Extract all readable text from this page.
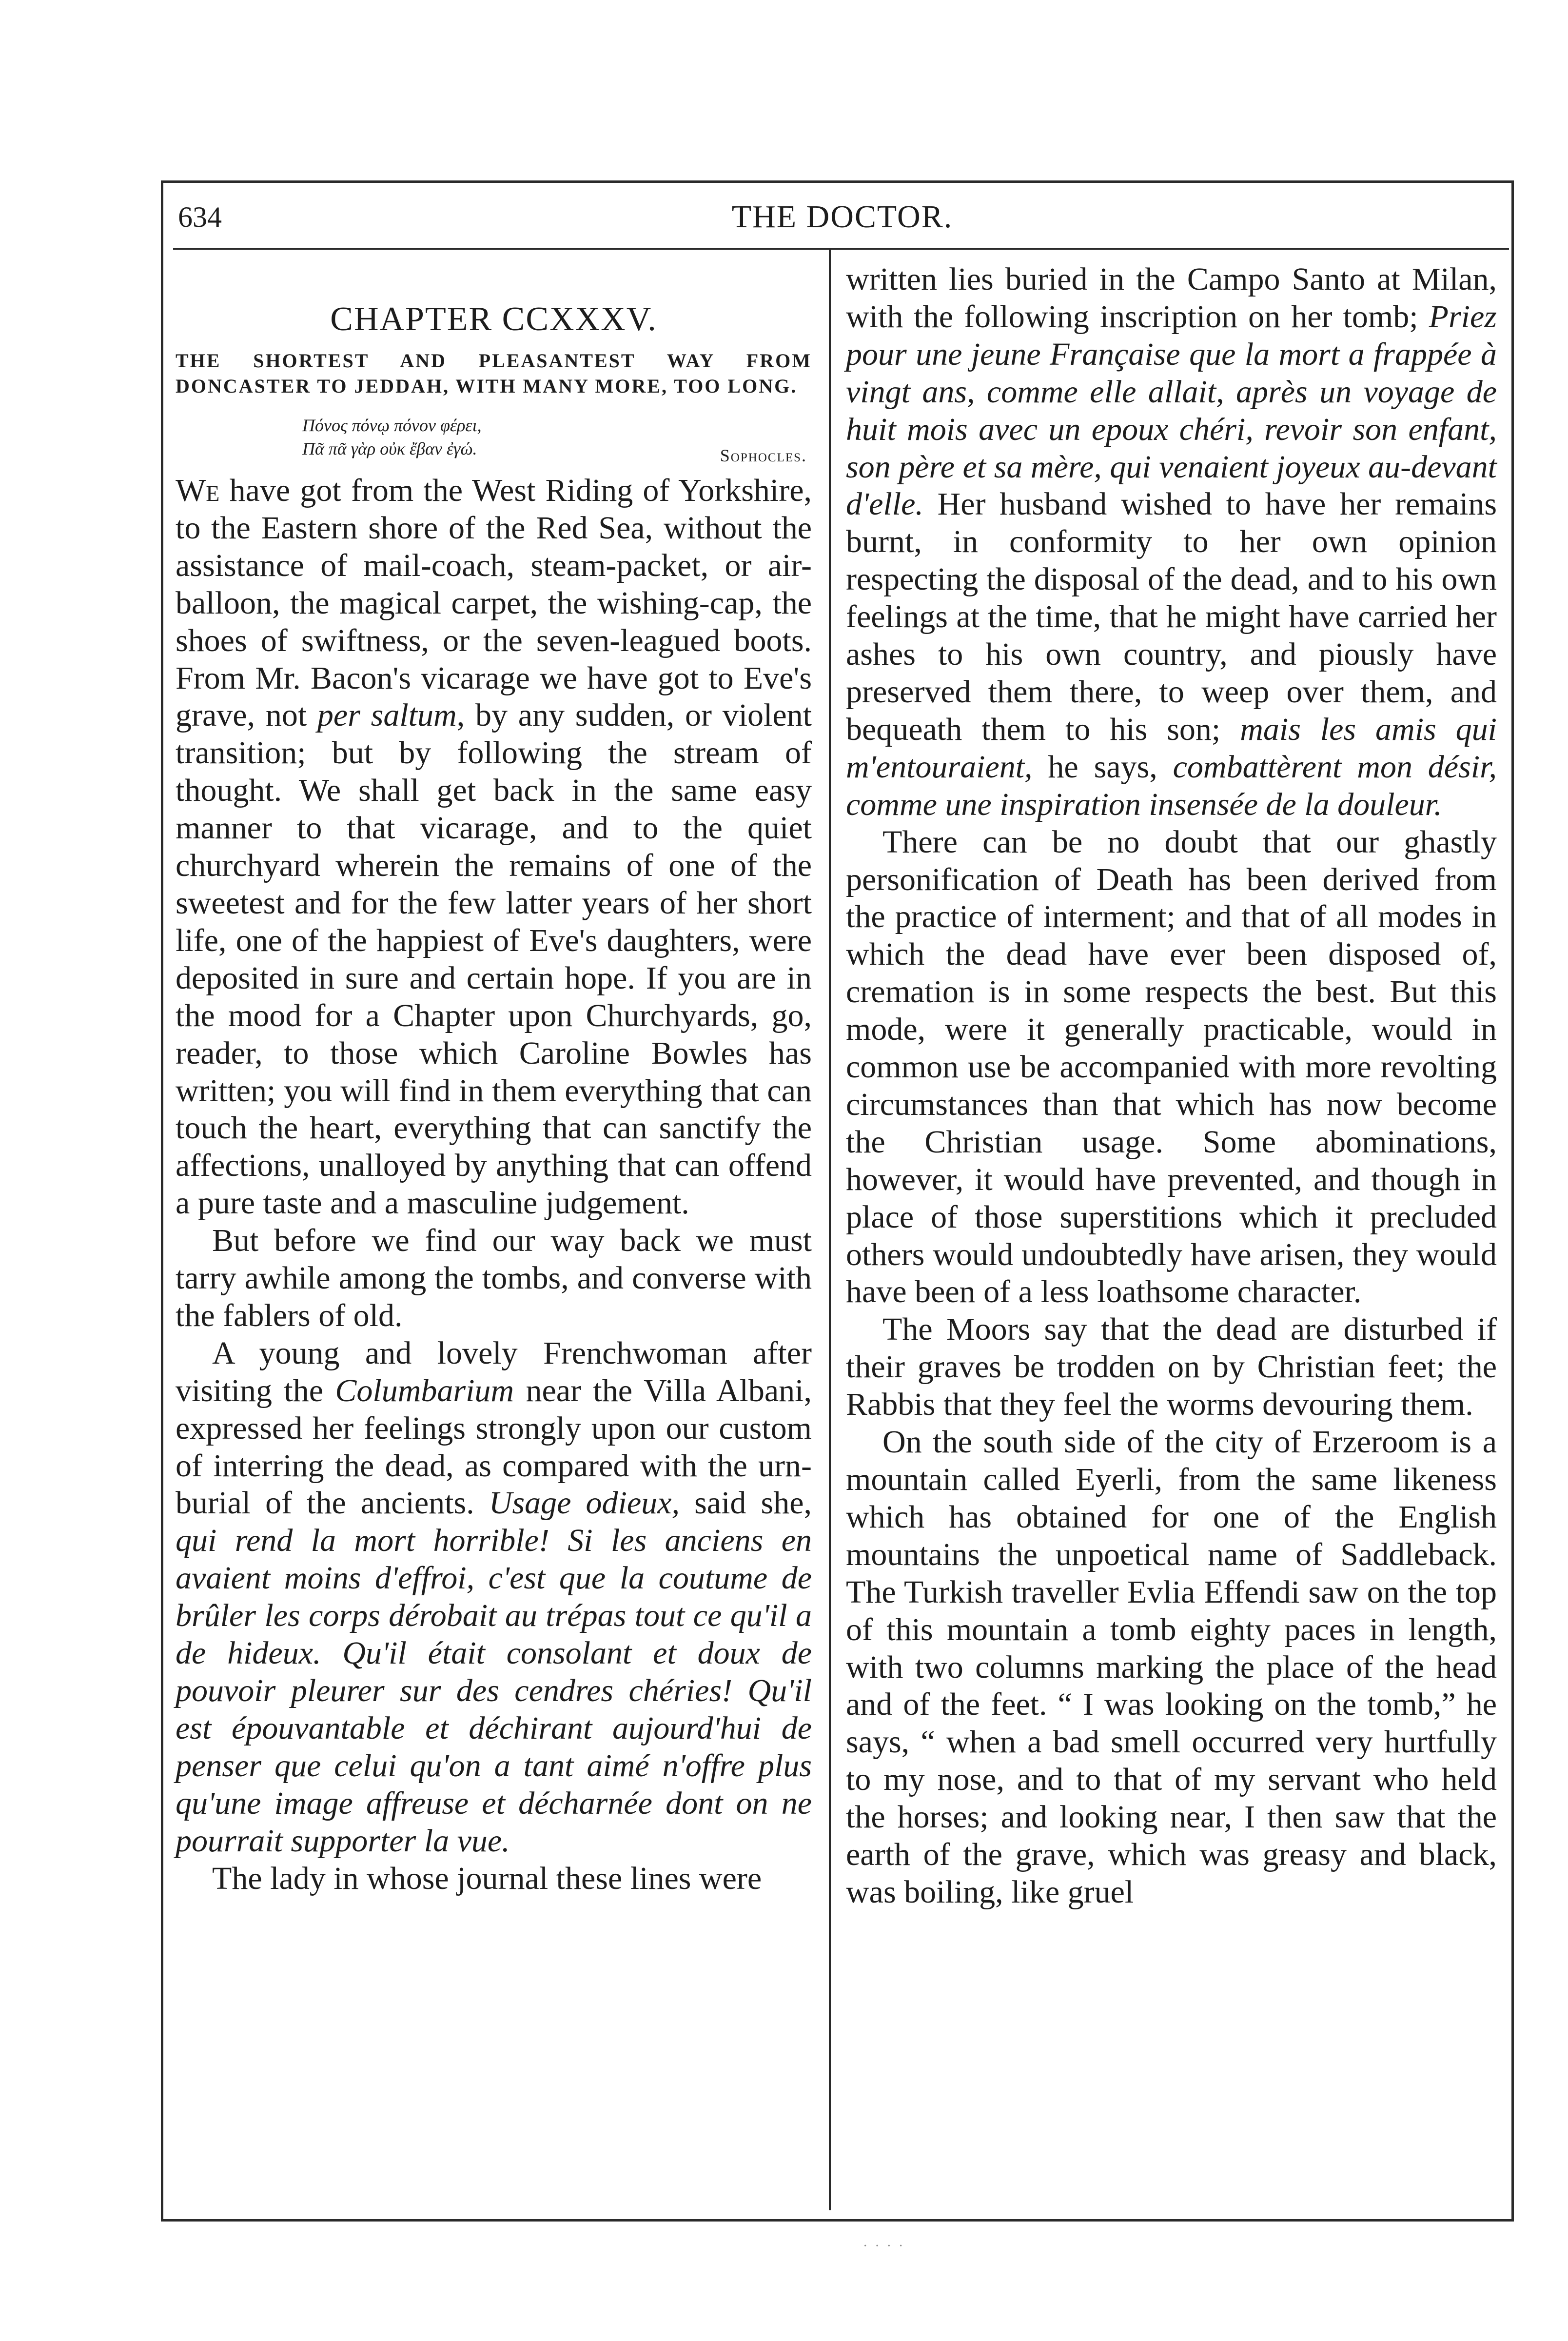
THE DOCTOR.
634
CHAPTER CCXXXV.
THE SHORTEST AND PLEASANTEST WAY FROM DONCASTER TO JEDDAH, WITH MANY MORE, TOO LONG.
Πόνος πόνῳ πόνον φέρει,
Πᾶ πᾶ γὰρ οὐκ ἔβαν ἐγώ.	Sophocles.

We have got from the West Riding of Yorkshire, to the Eastern shore of the Red Sea, without the assistance of mail-coach, steam-packet, or air-balloon, the magical carpet, the wishing-cap, the shoes of swiftness, or the seven-leagued boots. From Mr. Bacon's vicarage we have got to Eve's grave, not per saltum, by any sudden, or violent transition; but by following the stream of thought. We shall get back in the same easy manner to that vicarage, and to the quiet churchyard wherein the remains of one of the sweetest and for the few latter years of her short life, one of the happiest of Eve's daughters, were deposited in sure and certain hope. If you are in the mood for a Chapter upon Churchyards, go, reader, to those which Caroline Bowles has written; you will find in them everything that can touch the heart, everything that can sanctify the affections, unalloyed by anything that can offend a pure taste and a masculine judgement.

But before we find our way back we must tarry awhile among the tombs, and converse with the fablers of old.

A young and lovely Frenchwoman after visiting the Columbarium near the Villa Albani, expressed her feelings strongly upon our custom of interring the dead, as compared with the urn-burial of the ancients. Usage odieux, said she, qui rend la mort horrible! Si les anciens en avaient moins d'effroi, c'est que la coutume de brûler les corps dérobait au trépas tout ce qu'il a de hideux. Qu'il était consolant et doux de pouvoir pleurer sur des cendres chéries! Qu'il est épouvantable et déchirant aujourd'hui de penser que celui qu'on a tant aimé n'offre plus qu'une image affreuse et décharnée dont on ne pourrait supporter la vue.

The lady in whose journal these lines were

written lies buried in the Campo Santo at Milan, with the following inscription on her tomb; Priez pour une jeune Française que la mort a frappée à vingt ans, comme elle allait, après un voyage de huit mois avec un epoux chéri, revoir son enfant, son père et sa mère, qui venaient joyeux au-devant d'elle. Her husband wished to have her remains burnt, in conformity to her own opinion respecting the disposal of the dead, and to his own feelings at the time, that he might have carried her ashes to his own country, and piously have preserved them there, to weep over them, and bequeath them to his son; mais les amis qui m'entouraient, he says, combattèrent mon désir, comme une inspiration insensée de la douleur.

There can be no doubt that our ghastly personification of Death has been derived from the practice of interment; and that of all modes in which the dead have ever been disposed of, cremation is in some respects the best. But this mode, were it generally practicable, would in common use be accompanied with more revolting circumstances than that which has now become the Christian usage. Some abominations, however, it would have prevented, and though in place of those superstitions which it precluded others would undoubtedly have arisen, they would have been of a less loathsome character.

The Moors say that the dead are disturbed if their graves be trodden on by Christian feet; the Rabbis that they feel the worms devouring them.

On the south side of the city of Erzeroom is a mountain called Eyerli, from the same likeness which has obtained for one of the English mountains the unpoetical name of Saddleback. The Turkish traveller Evlia Effendi saw on the top of this mountain a tomb eighty paces in length, with two columns marking the place of the head and of the feet. “ I was looking on the tomb,” he says, “ when a bad smell occurred very hurtfully to my nose, and to that of my servant who held the horses; and looking near, I then saw that the earth of the grave, which was greasy and black, was boiling, like gruel

· · · ·
